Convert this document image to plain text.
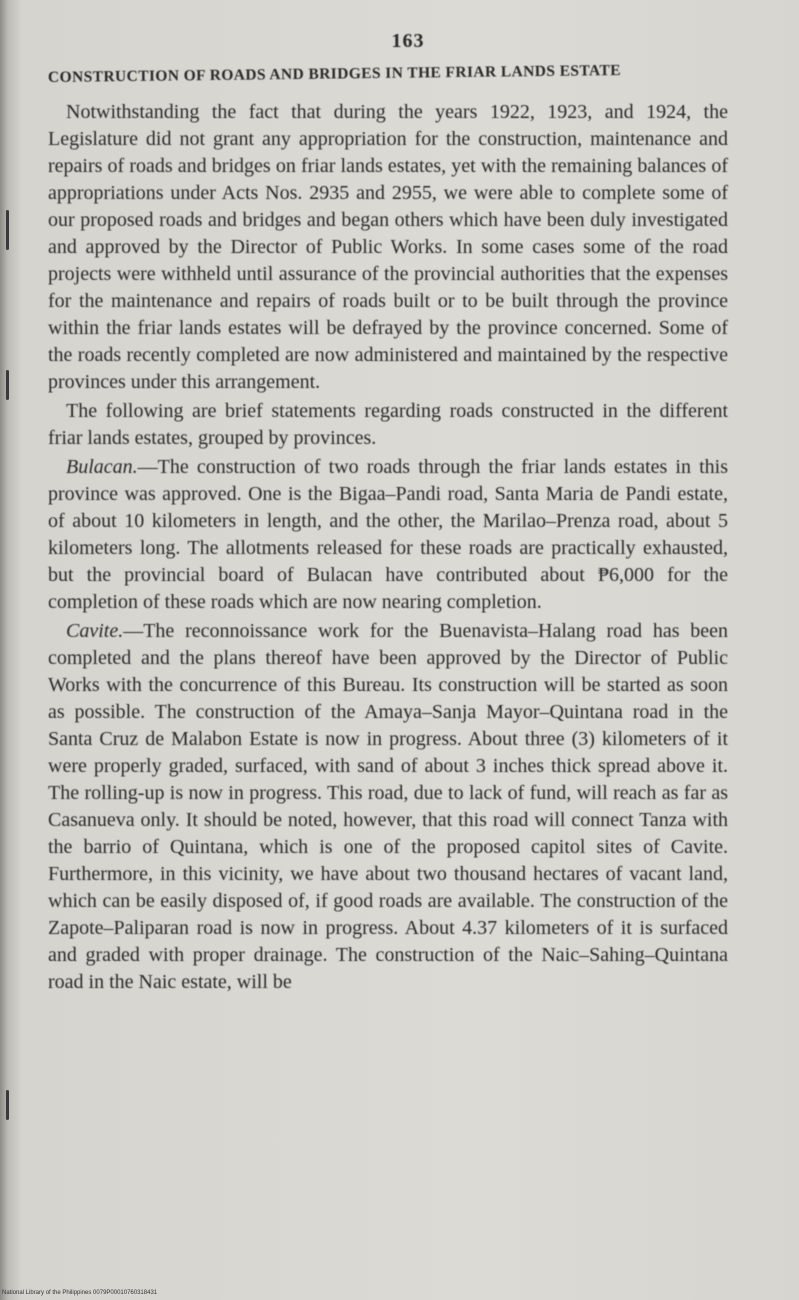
163
CONSTRUCTION OF ROADS AND BRIDGES IN THE FRIAR LANDS ESTATE

Notwithstanding the fact that during the years 1922, 1923, and 1924, the Legislature did not grant any appropriation for the construction, maintenance and repairs of roads and bridges on friar lands estates, yet with the remaining balances of appropriations under Acts Nos. 2935 and 2955, we were able to complete some of our proposed roads and bridges and began others which have been duly investigated and approved by the Director of Public Works. In some cases some of the road projects were withheld until assurance of the provincial authorities that the expenses for the maintenance and repairs of roads built or to be built through the province within the friar lands estates will be defrayed by the province concerned. Some of the roads recently completed are now administered and maintained by the respective provinces under this arrangement.

The following are brief statements regarding roads constructed in the different friar lands estates, grouped by provinces.

Bulacan.—The construction of two roads through the friar lands estates in this province was approved. One is the Bigaa–Pandi road, Santa Maria de Pandi estate, of about 10 kilometers in length, and the other, the Marilao–Prenza road, about 5 kilometers long. The allotments released for these roads are practically exhausted, but the provincial board of Bulacan have contributed about ₱6,000 for the completion of these roads which are now nearing completion.

Cavite.—The reconnoissance work for the Buenavista–Halang road has been completed and the plans thereof have been approved by the Director of Public Works with the concurrence of this Bureau. Its construction will be started as soon as possible. The construction of the Amaya–Sanja Mayor–Quintana road in the Santa Cruz de Malabon Estate is now in progress. About three (3) kilometers of it were properly graded, surfaced, with sand of about 3 inches thick spread above it. The rolling-up is now in progress. This road, due to lack of fund, will reach as far as Casanueva only. It should be noted, however, that this road will connect Tanza with the barrio of Quintana, which is one of the proposed capitol sites of Cavite. Furthermore, in this vicinity, we have about two thousand hectares of vacant land, which can be easily disposed of, if good roads are available. The construction of the Zapote–Paliparan road is now in progress. About 4.37 kilometers of it is surfaced and graded with proper drainage. The construction of the Naic–Sahing–Quintana road in the Naic estate, will be

National Library of the Philippines 0079P000107603184​31
